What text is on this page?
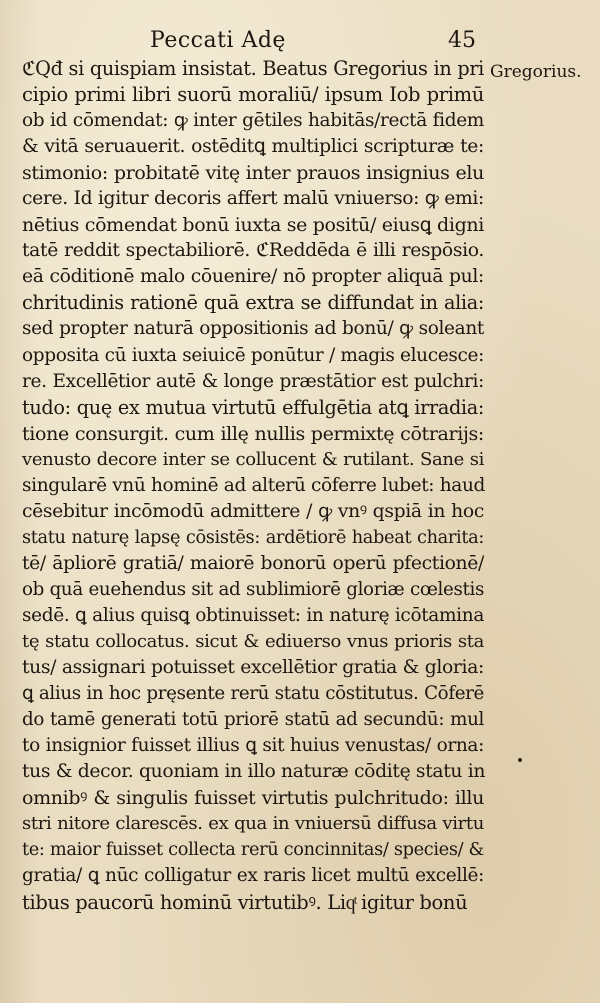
Peccati Adę	45
Gregorius.
ℭQđ si quispiam insistat. Beatus Gregorius in pri
cipio primi libri suorū moraliū/ ipsum Iob primū
ob id cōmendat: ꝙ inter gētiles habitās/rectā fidem
& vitā seruauerit. ostēditꝗ multiplici scripturæ te:
stimonio: probitatē vitę inter prauos insignius elu
cere. Id igitur decoris affert malū vniuerso: ꝙ emi:
nētius cōmendat bonū iuxta se positū/ eiusꝗ digni
tatē reddit spectabiliorē. ℭReddēda ē illi respōsio.
eā cōditionē malo cōuenire/ nō propter aliquā pul:
chritudinis rationē quā extra se diffundat in alia:
sed propter naturā oppositionis ad bonū/ ꝙ soleant
opposita cū iuxta seiuicē ponūtur / magis elucesce:
re. Excellētior autē & longe præstātior est pulchri:
tudo: quę ex mutua virtutū effulgētia atꝗ irradia:
tione consurgit. cum illę nullis permixtę cōtrarijs:
venusto decore inter se collucent & rutilant. Sane si
singularē vnū hominē ad alterū cōferre lubet: haud
cēsebitur incōmodū admittere / ꝙ vnꝰ qspiā in hoc
statu naturę lapsę cōsistēs: ardētiorē habeat charita:
tē/ āpliorē gratiā/ maiorē bonorū operū pfectionē/
ob quā euehendus sit ad sublimiorē gloriæ cœlestis
sedē. ꝗ alius quisꝗ obtinuisset: in naturę icōtamina
tę statu collocatus. sicut & ediuerso vnus prioris sta
tus/ assignari potuisset excellētior gratia & gloria:
ꝗ alius in hoc pręsente rerū statu cōstitutus. Cōferē
do tamē generati totū priorē statū ad secundū: mul
to insignior fuisset illius ꝗ sit huius venustas/ orna:
tus & decor. quoniam in illo naturæ cōditę statu in
omnibꝰ & singulis fuisset virtutis pulchritudo: illu
stri nitore clarescēs. ex qua in vniuersū diffusa virtu
te: maior fuisset collecta rerū concinnitas/ species/ &
gratia/ ꝗ nūc colligatur ex raris licet multū excellē:
tibus paucorū hominū virtutibꝰ. Liqͭ igitur bonū
